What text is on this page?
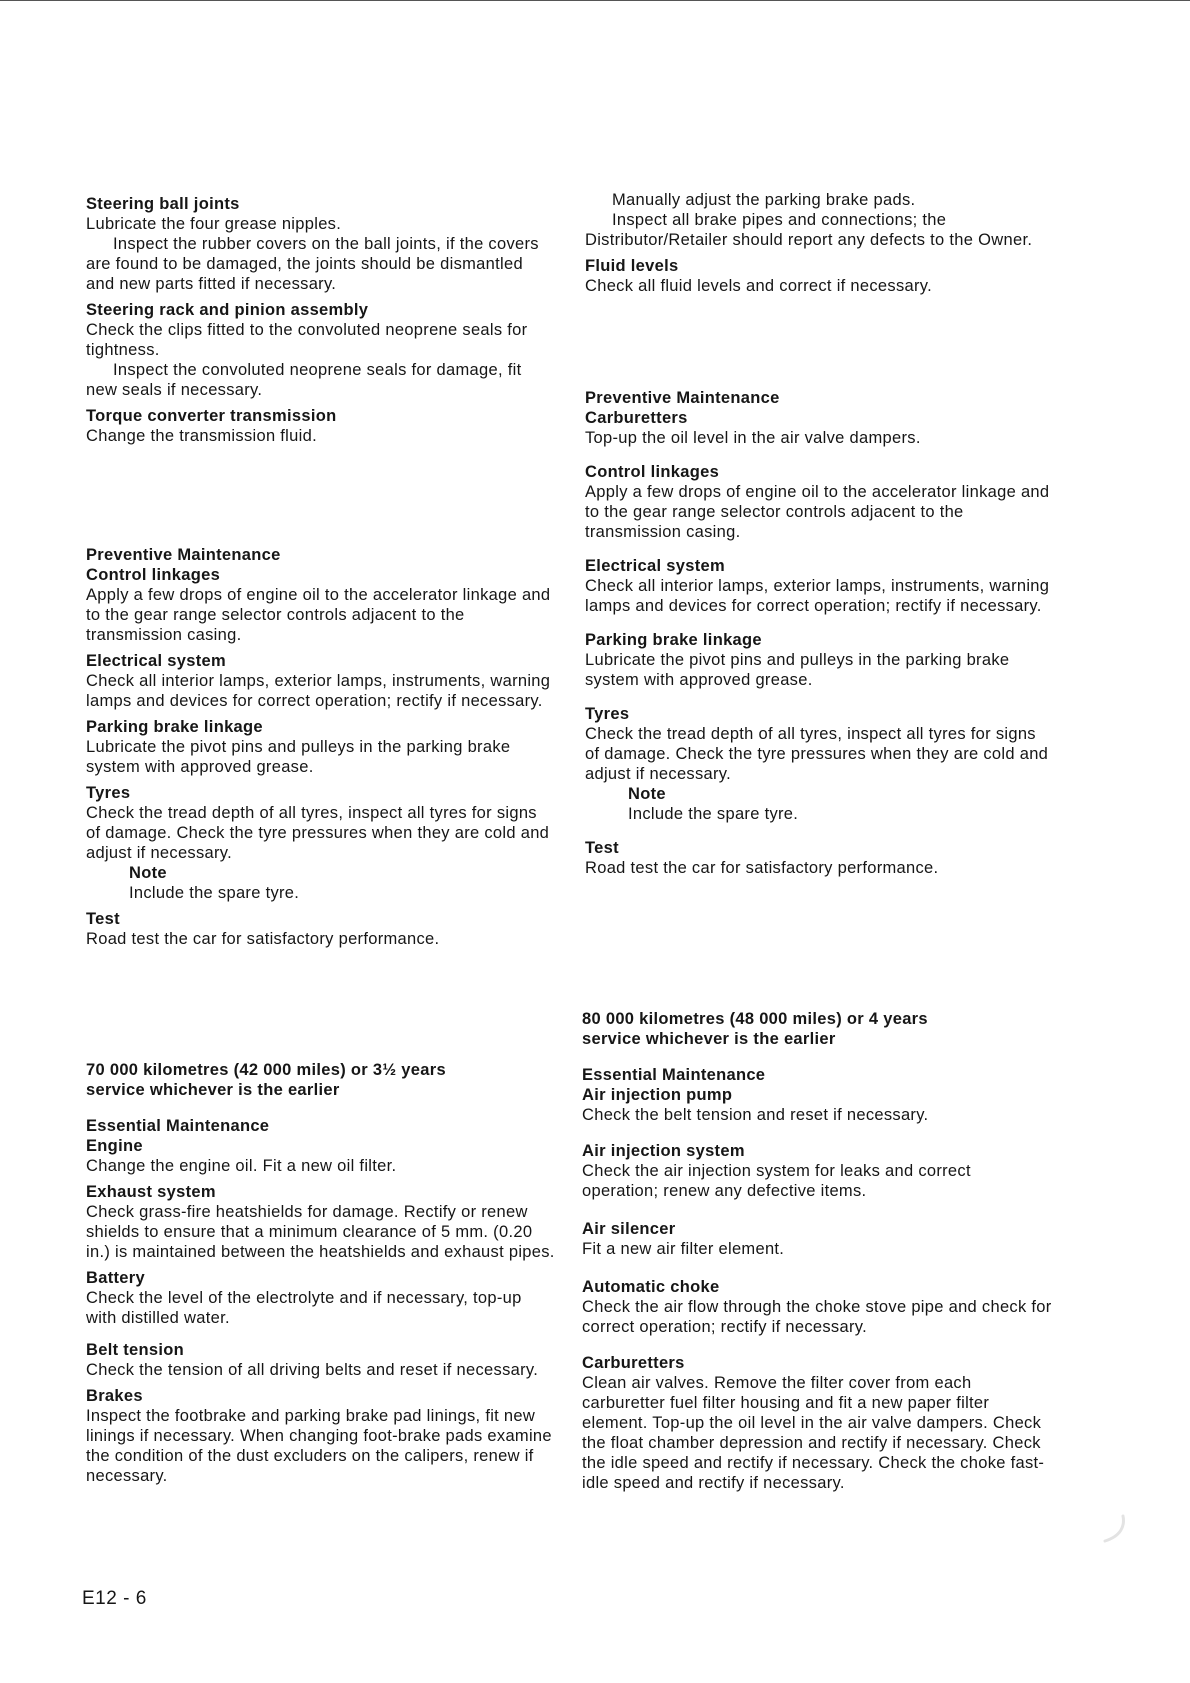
Steering ball joints

Lubricate the four grease nipples.

Inspect the rubber covers on the ball joints, if the covers are found to be damaged, the joints should be dismantled and new parts fitted if necessary.

Steering rack and pinion assembly

Check the clips fitted to the convoluted neoprene seals for tightness.

Inspect the convoluted neoprene seals for damage, fit new seals if necessary.

Torque converter transmission

Change the transmission fluid.

Preventive Maintenance

Control linkages

Apply a few drops of engine oil to the accelerator linkage and to the gear range selector controls adjacent to the transmission casing.

Electrical system

Check all interior lamps, exterior lamps, instruments, warning lamps and devices for correct operation; rectify if necessary.

Parking brake linkage

Lubricate the pivot pins and pulleys in the parking brake system with approved grease.

Tyres

Check the tread depth of all tyres, inspect all tyres for signs of damage. Check the tyre pressures when they are cold and adjust if necessary.

Note

Include the spare tyre.

Test

Road test the car for satisfactory performance.

70 000 kilometres (42 000 miles) or 3½ years

service whichever is the earlier

Essential Maintenance

Engine

Change the engine oil. Fit a new oil filter.

Exhaust system

Check grass-fire heatshields for damage. Rectify or renew shields to ensure that a minimum clearance of 5 mm. (0.20 in.) is maintained between the heatshields and exhaust pipes.

Battery

Check the level of the electrolyte and if necessary, top-up with distilled water.

Belt tension

Check the tension of all driving belts and reset if necessary.

Brakes

Inspect the footbrake and parking brake pad linings, fit new linings if necessary. When changing foot-brake pads examine the condition of the dust excluders on the calipers, renew if necessary.

Manually adjust the parking brake pads.

Inspect all brake pipes and connections; the Distributor/Retailer should report any defects to the Owner.

Fluid levels

Check all fluid levels and correct if necessary.

Preventive Maintenance

Carburetters

Top-up the oil level in the air valve dampers.

Control linkages

Apply a few drops of engine oil to the accelerator linkage and to the gear range selector controls adjacent to the transmission casing.

Electrical system

Check all interior lamps, exterior lamps, instruments, warning lamps and devices for correct operation; rectify if necessary.

Parking brake linkage

Lubricate the pivot pins and pulleys in the parking brake system with approved grease.

Tyres

Check the tread depth of all tyres, inspect all tyres for signs of damage. Check the tyre pressures when they are cold and adjust if necessary.

Note

Include the spare tyre.

Test

Road test the car for satisfactory performance.

80 000 kilometres (48 000 miles) or 4 years

service whichever is the earlier

Essential Maintenance

Air injection pump

Check the belt tension and reset if necessary.

Air injection system

Check the air injection system for leaks and correct operation; renew any defective items.

Air silencer

Fit a new air filter element.

Automatic choke

Check the air flow through the choke stove pipe and check for correct operation; rectify if necessary.

Carburetters

Clean air valves. Remove the filter cover from each carburetter fuel filter housing and fit a new paper filter element. Top-up the oil level in the air valve dampers. Check the float chamber depression and rectify if necessary. Check the idle speed and rectify if necessary. Check the choke fast-idle speed and rectify if necessary.

E12 - 6
